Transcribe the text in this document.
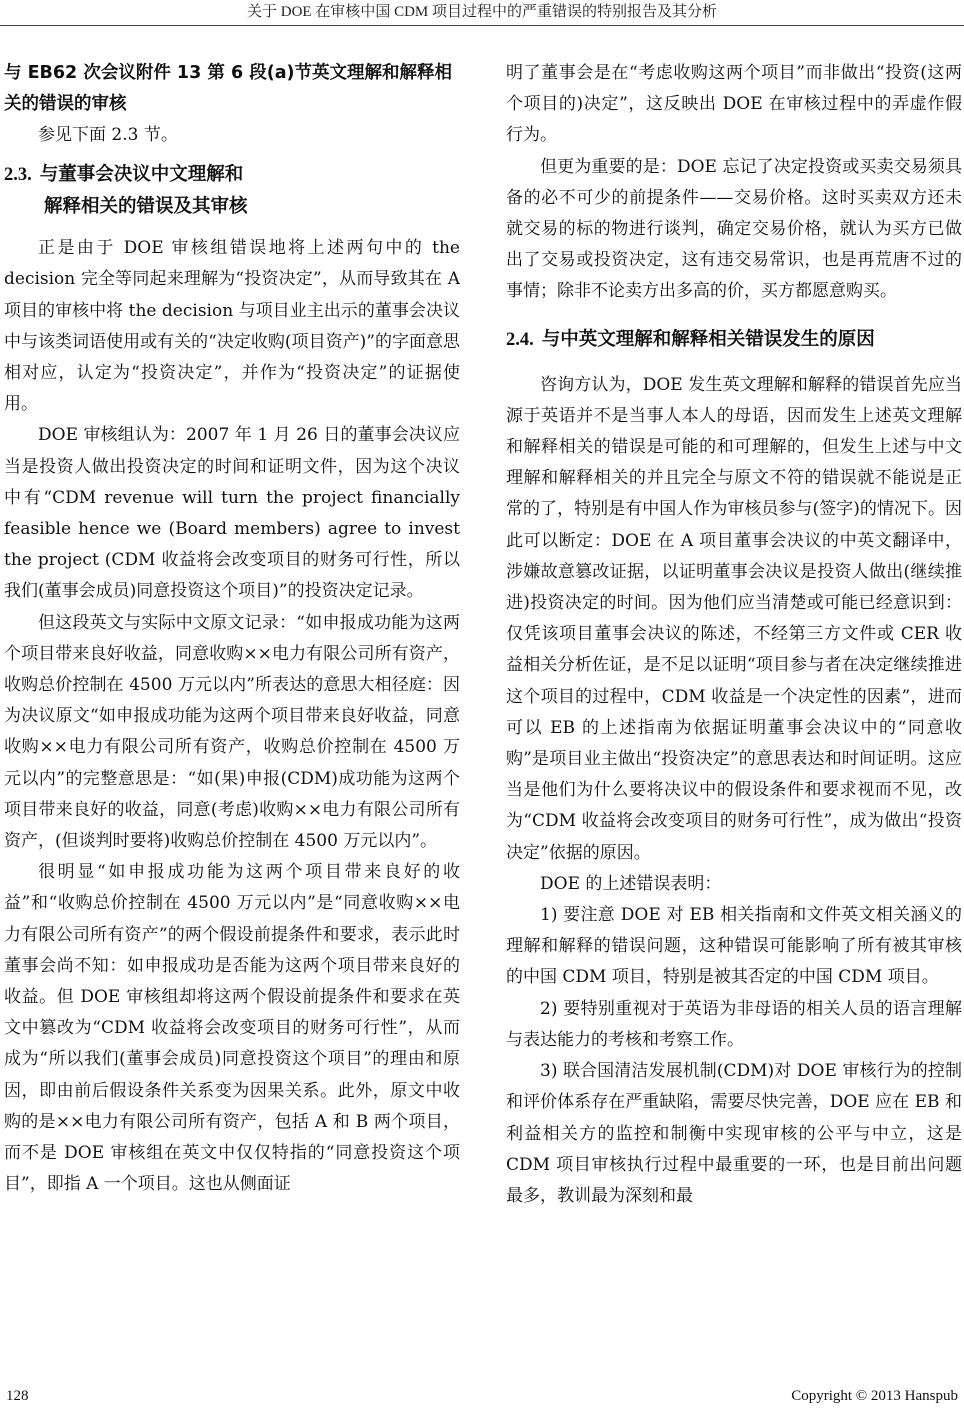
关于 DOE 在审核中国 CDM 项目过程中的严重错误的特别报告及其分析
与 EB62 次会议附件 13 第 6 段(a)节英文理解和解释相关的错误的审核

参见下面 2.3 节。

2.3. 与董事会决议中文理解和
解释相关的错误及其审核

正是由于 DOE 审核组错误地将上述两句中的 the decision 完全等同起来理解为“投资决定”，从而导致其在 A 项目的审核中将 the decision 与项目业主出示的董事会决议中与该类词语使用或有关的“决定收购(项目资产)”的字面意思相对应，认定为“投资决定”，并作为“投资决定”的证据使用。

DOE 审核组认为：2007 年 1 月 26 日的董事会决议应当是投资人做出投资决定的时间和证明文件，因为这个决议中有“CDM revenue will turn the project financially feasible hence we (Board members) agree to invest the project (CDM 收益将会改变项目的财务可行性，所以我们(董事会成员)同意投资这个项目)”的投资决定记录。

但这段英文与实际中文原文记录：“如申报成功能为这两个项目带来良好收益，同意收购××电力有限公司所有资产，收购总价控制在 4500 万元以内”所表达的意思大相径庭：因为决议原文“如申报成功能为这两个项目带来良好收益，同意收购××电力有限公司所有资产，收购总价控制在 4500 万元以内”的完整意思是：“如(果)申报(CDM)成功能为这两个项目带来良好的收益，同意(考虑)收购××电力有限公司所有资产，(但谈判时要将)收购总价控制在 4500 万元以内”。

很明显“如申报成功能为这两个项目带来良好的收益”和“收购总价控制在 4500 万元以内”是“同意收购××电力有限公司所有资产”的两个假设前提条件和要求，表示此时董事会尚不知：如申报成功是否能为这两个项目带来良好的收益。但 DOE 审核组却将这两个假设前提条件和要求在英文中篡改为“CDM 收益将会改变项目的财务可行性”，从而成为“所以我们(董事会成员)同意投资这个项目”的理由和原因，即由前后假设条件关系变为因果关系。此外，原文中收购的是××电力有限公司所有资产，包括 A 和 B 两个项目，而不是 DOE 审核组在英文中仅仅特指的“同意投资这个项目”，即指 A 一个项目。这也从侧面证

明了董事会是在“考虑收购这两个项目”而非做出“投资(这两个项目的)决定”，这反映出 DOE 在审核过程中的弄虚作假行为。

但更为重要的是：DOE 忘记了决定投资或买卖交易须具备的必不可少的前提条件——交易价格。这时买卖双方还未就交易的标的物进行谈判，确定交易价格，就认为买方已做出了交易或投资决定，这有违交易常识，也是再荒唐不过的事情；除非不论卖方出多高的价，买方都愿意购买。

2.4. 与中英文理解和解释相关错误发生的原因

咨询方认为，DOE 发生英文理解和解释的错误首先应当源于英语并不是当事人本人的母语，因而发生上述英文理解和解释相关的错误是可能的和可理解的，但发生上述与中文理解和解释相关的并且完全与原文不符的错误就不能说是正常的了，特别是有中国人作为审核员参与(签字)的情况下。因此可以断定：DOE 在 A 项目董事会决议的中英文翻译中，涉嫌故意篡改证据，以证明董事会决议是投资人做出(继续推进)投资决定的时间。因为他们应当清楚或可能已经意识到：仅凭该项目董事会决议的陈述，不经第三方文件或 CER 收益相关分析佐证，是不足以证明“项目参与者在决定继续推进这个项目的过程中，CDM 收益是一个决定性的因素”，进而可以 EB 的上述指南为依据证明董事会决议中的“同意收购”是项目业主做出“投资决定”的意思表达和时间证明。这应当是他们为什么要将决议中的假设条件和要求视而不见，改为“CDM 收益将会改变项目的财务可行性”，成为做出“投资决定”依据的原因。

DOE 的上述错误表明：

1) 要注意 DOE 对 EB 相关指南和文件英文相关涵义的理解和解释的错误问题，这种错误可能影响了所有被其审核的中国 CDM 项目，特别是被其否定的中国 CDM 项目。

2) 要特别重视对于英语为非母语的相关人员的语言理解与表达能力的考核和考察工作。

3) 联合国清洁发展机制(CDM)对 DOE 审核行为的控制和评价体系存在严重缺陷，需要尽快完善，DOE 应在 EB 和利益相关方的监控和制衡中实现审核的公平与中立，这是 CDM 项目审核执行过程中最重要的一环，也是目前出问题最多，教训最为深刻和最

128	Copyright © 2013 Hanspub
